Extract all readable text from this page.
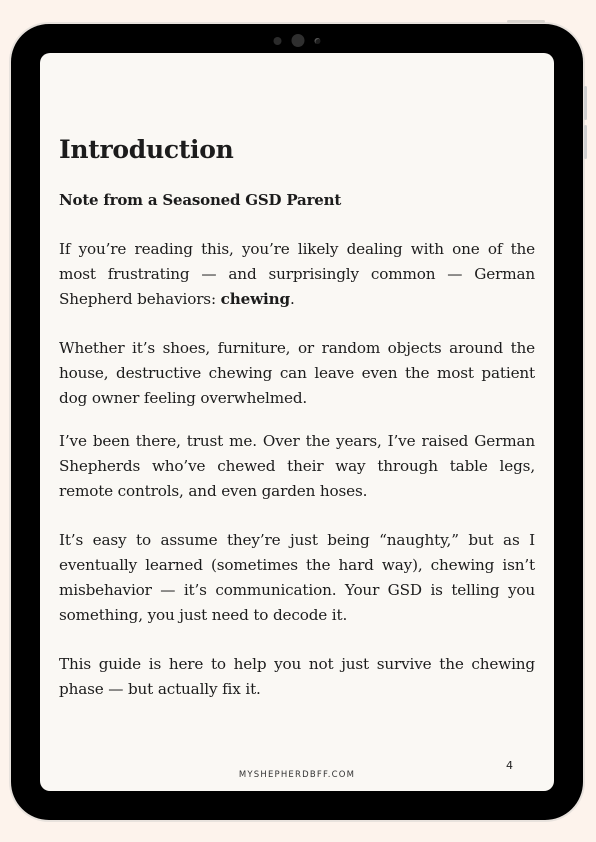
Introduction
Note from a Seasoned GSD Parent

If you’re reading this, you’re likely dealing with one of the most frustrating — and surprisingly common — German Shepherd behaviors: chewing.

Whether it’s shoes, furniture, or random objects around the house, destructive chewing can leave even the most patient dog owner feeling overwhelmed.

I’ve been there, trust me. Over the years, I’ve raised German Shepherds who’ve chewed their way through table legs, remote controls, and even garden hoses.

It’s easy to assume they’re just being “naughty,” but as I eventually learned (sometimes the hard way), chewing isn’t misbehavior — it’s communication. Your GSD is telling you something, you just need to decode it.

This guide is here to help you not just survive the chewing phase — but actually fix it.

MYSHEPHERDBFF.COM
4
